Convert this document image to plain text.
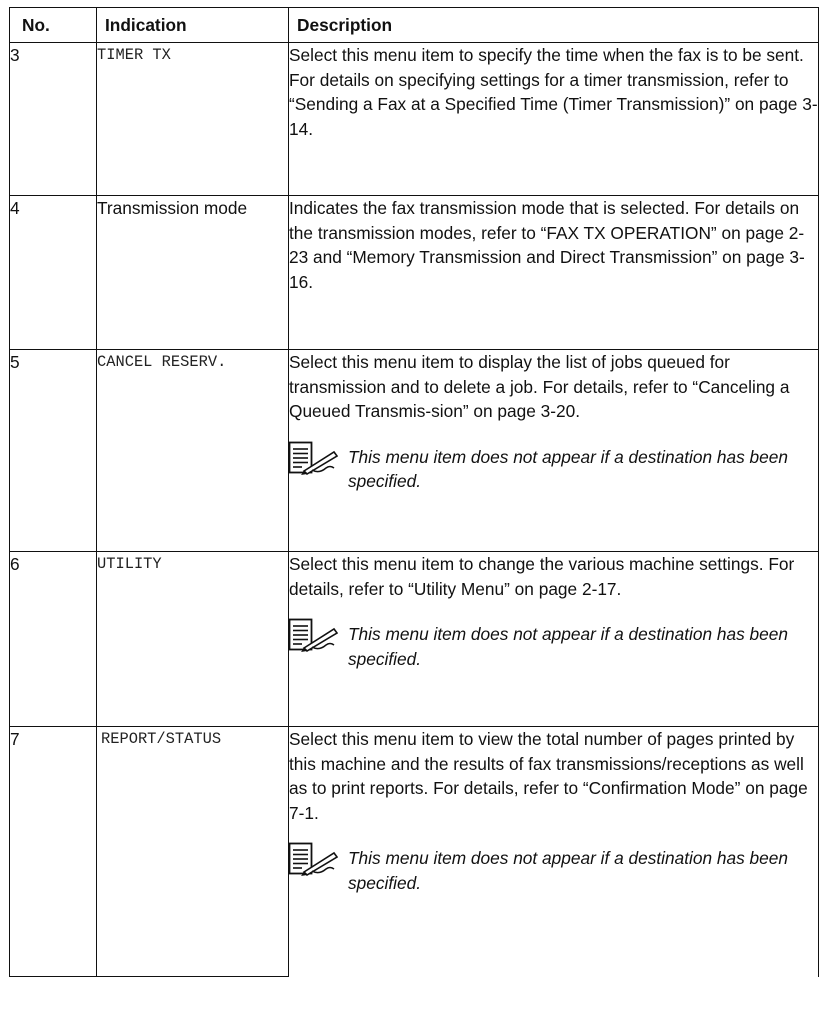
No.	Indication	Description
3	TIMER TX	Select this menu item to specify the time when the fax is to be sent. For details on specifying settings for a timer transmission, refer to “Sending a Fax at a Specified Time (Timer Transmission)” on page 3-14.

4	Transmission mode	Indicates the fax transmission mode that is selected. For details on the transmission modes, refer to “FAX TX OPERATION” on page 2-23 and “Memory Transmission and Direct Transmission” on page 3-16.

5	CANCEL RESERV.	Select this menu item to display the list of jobs queued for transmission and to delete a job. For details, refer to “Canceling a Queued Transmis-sion” on page 3-20.
This menu item does not appear if a destination has been specified.

6	UTILITY	Select this menu item to change the various machine settings. For details, refer to “Utility Menu” on page 2-17.
This menu item does not appear if a destination has been specified.

7	REPORT/STATUS	Select this menu item to view the total number of pages printed by this machine and the results of fax transmissions/receptions as well as to print reports. For details, refer to “Confirmation Mode” on page 7-1.
This menu item does not appear if a destination has been specified.
